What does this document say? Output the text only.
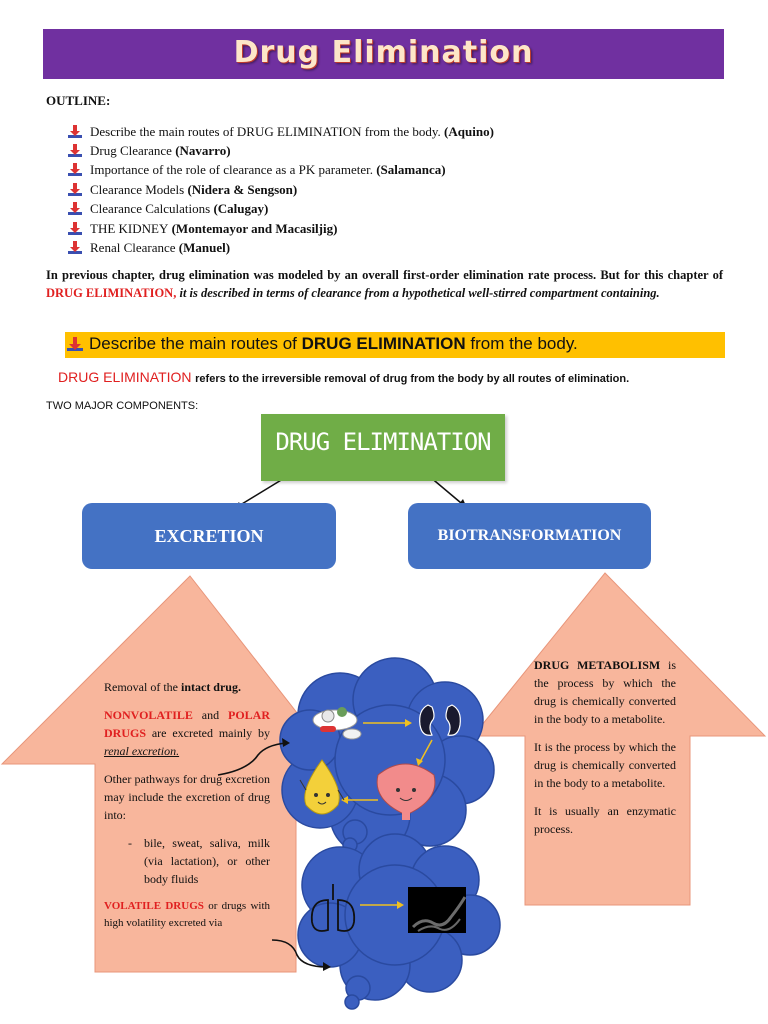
Drug Elimination
OUTLINE:
Describe the main routes of DRUG ELIMINATION from the body.
(Aquino)
Drug Clearance
(Navarro)
Importance of the role of clearance as a PK parameter.
(Salamanca)
Clearance Models
(Nidera & Sengson)
Clearance Calculations
(Calugay)
THE KIDNEY
(Montemayor and Macasiljig)
Renal Clearance
(Manuel)
In previous chapter, drug elimination was modeled by an overall first-order elimination rate process. But for this chapter of DRUG ELIMINATION, it is described in terms of clearance from a hypothetical well-stirred compartment containing.
Describe the main routes of DRUG ELIMINATION from the body.
DRUG ELIMINATION refers to the irreversible removal of drug from the body by all routes of elimination.
TWO MAJOR COMPONENTS:
DRUG ELIMINATION
EXCRETION	BIOTRANSFORMATION

Removal of the intact drug.

NONVOLATILE and POLAR DRUGS are excreted mainly by renal excretion.

Other pathways for drug excretion may include the excretion of drug into:

-	bile, sweat, saliva, milk (via lactation), or other body fluids

VOLATILE DRUGS or drugs with high volatility excreted via

DRUG METABOLISM is the process by which the drug is chemically converted in the body to a metabolite.

It is the process by which the drug is chemically converted in the body to a metabolite.

It is usually an enzymatic process.
